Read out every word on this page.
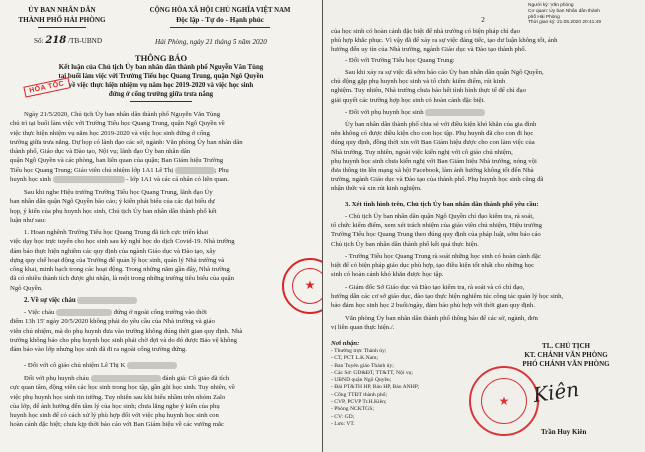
ỦY BAN NHÂN DÂN
THÀNH PHỐ HẢI PHÒNG
CỘNG HÒA XÃ HỘI CHỦ NGHĨA VIỆT NAM
Độc lập - Tự do - Hạnh phúc
Số: 218 /TB-UBND	Hải Phòng, ngày 21 tháng 5 năm 2020
THÔNG BÁO
Kết luận của Chủ tịch Ủy ban nhân dân thành phố Nguyễn Văn Tùng
tại buổi làm việc với Trường Tiểu học Quang Trung, quận Ngô Quyền
về việc thực hiện nhiệm vụ năm học 2019-2020 và việc học sinh
đứng ở cổng trường giữa trưa nắng
HỎA TỐC
Ngày 21/5/2020, Chủ tịch Ủy ban nhân dân thành phố Nguyễn Văn Tùng
chủ trì tại buổi làm việc với Trường Tiểu học Quang Trung, quận Ngô Quyền về
việc thực hiện nhiệm vụ năm học 2019-2020 và việc học sinh đứng ở cổng
trường giữa trưa nắng. Dự họp có lãnh đạo các sở, ngành: Văn phòng Ủy ban nhân dân
thành phố, Giáo dục và Đào tạo, Nội vụ; lãnh đạo Ủy ban nhân dân
quận Ngô Quyền và các phòng, ban liên quan của quận; Ban Giám hiệu Trường
Tiểu học Quang Trung; Giáo viên chủ nhiệm lớp 1A1 Lê Thị	; Phụ
huynh học sinh	- lớp 1A1 và các cá nhân có liên quan.
Sau khi nghe Hiệu trưởng Trường Tiểu học Quang Trung, lãnh đạo Ủy
ban nhân dân quận Ngô Quyền báo cáo; ý kiến phát biểu của các đại biểu dự
họp, ý kiến của phụ huynh học sinh, Chủ tịch Ủy ban nhân dân thành phố kết
luận như sau:
1. Hoan nghênh Trường Tiểu học Quang Trung đã tích cực triển khai
việc dạy học trực tuyến cho học sinh sau kỳ nghỉ học do dịch Covid-19. Nhà trường
đảm bảo thực hiện nghiêm các quy định của ngành Giáo dục và Đào tạo, xây
dựng quy chế hoạt động của Trường để quản lý học sinh, quản lý Nhà trường và
công khai, minh bạch trong các hoạt động. Trong những năm gần đây, Nhà trường
đã có nhiều thành tích được ghi nhận, là một trong những trường tiêu biểu của quận
Ngô Quyền.
2. Về sự việc cháu
- Việc cháu	đứng ở ngoài cổng trường vào thời
điểm 13h 15' ngày 20/5/2020 không phải do yêu cầu của Nhà trường và giáo
viên chủ nhiệm, mà do phụ huynh đưa vào trường không đúng thời gian quy định. Nhà
trường không báo cho phụ huynh học sinh phải chờ đợi và do đó được Bảo vệ không
đảm bảo vào lớp nhưng học sinh đã đi ra ngoài cổng trường đứng.
- Đối với cô giáo chủ nhiệm Lê Thị K
Đối với phụ huynh cháu	đánh giá: Cô giáo đã tích
cực quan tâm, động viên các học sinh trong học tập, gần gũi học sinh. Tuy nhiên, về
việc phụ huynh học sinh tin tưởng. Tuy nhiên sau khi hiểu nhầm trên nhóm Zalo
của lớp, để ảnh hưởng đến tâm lý của học sinh; chưa lắng nghe ý kiến của phụ
huynh học sinh để có cách xử lý phù hợp đối với việc phụ huynh học sinh con
hoàn cảnh đặc biệt; chưa kịp thời báo cáo với Ban Giám hiệu về các vướng mắc
★
Người ký: Văn phòng
Cơ quan: Ủy ban Nhân dân thành
phố Hải Phòng
Thời gian ký: 21.05.2020 20:41:49
2
của học sinh có hoàn cảnh đặc biệt để nhà trường có biện pháp chỉ đạo
phù hợp khắc phục. Vì vậy đã để xảy ra sự việc đáng tiếc, tạo dư luận không tốt, ảnh
hưởng đến uy tín của Nhà trường, ngành Giáo dục và Đào tạo thành phố.
- Đối với Trường Tiểu học Quang Trung:
Sau khi xảy ra sự việc đã sớm báo cáo Ủy ban nhân dân quận Ngô Quyền,
chủ động gặp phụ huynh học sinh và tổ chức kiểm điểm, rút kinh
nghiệm. Tuy nhiên, Nhà trường chưa báo hết tình hình thực tế để chỉ đạo
giải quyết các trường hợp học sinh có hoàn cảnh đặc biệt.
- Đối với phụ huynh học sinh
Ủy ban nhân dân thành phố chia sẻ với điều kiện khó khăn của gia đình
nên không có được điều kiện cho con học tập. Phụ huynh đã cho con đi học
đúng quy định, đồng thời xin với Ban Giám hiệu được cho con làm việc của
Nhà trường. Tuy nhiên, ngoài việc kiến nghị với cô giáo chủ nhiệm,
phụ huynh học sinh chưa kiến nghị với Ban Giám hiệu Nhà trường, nóng vội
đưa thông tin lên mạng xã hội Facebook, làm ảnh hưởng không tốt đến Nhà
trường, ngành Giáo dục và Đào tạo của thành phố. Phụ huynh học sinh cũng đã
nhận thức và xin rút kinh nghiệm.
3. Xét tình hình trên, Chủ tịch Ủy ban nhân dân thành phố yêu cầu:
- Chủ tịch Ủy ban nhân dân quận Ngô Quyền chỉ đạo kiểm tra, rà soát,
tổ chức kiểm điểm, xem xét trách nhiệm của giáo viên chủ nhiệm, Hiệu trưởng
Trường Tiểu học Quang Trung theo đúng quy định của pháp luật, sớm báo cáo
Chủ tịch Ủy ban nhân dân thành phố kết quả thực hiện.
- Trường Tiểu học Quang Trung rà soát những học sinh có hoàn cảnh đặc
biệt để có biện pháp giáo dục phù hợp, tạo điều kiện tốt nhất cho những học
sinh có hoàn cảnh khó khăn được học tập.
- Giám đốc Sở Giáo dục và Đào tạo kiểm tra, rà soát và có chỉ đạo,
hướng dẫn các cơ sở giáo dục, đào tạo thực hiện nghiêm túc công tác quản lý học sinh,
bảo đảm học sinh học 2 buổi/ngày, đảm bảo phù hợp với thời gian quy định.
Văn phòng Ủy ban nhân dân thành phố thông báo để các sở, ngành, đơn
vị liên quan thực hiện./.
Nơi nhận:
- Thường trực Thành ủy;
- CT, PCT L.K.Nam;
- Ban Tuyên giáo Thành ủy;
- Các Sở: GD&ĐT, TT&TT, Nội vụ;
- UBND quận Ngô Quyền;
- Đài PT&TH HP, Báo HP, Báo ANHP;
- Cổng TTĐT thành phố;
- CVP, PCVP Tr.H.Kiên;
- Phòng NCKTGS;
- CV: GD;
- Lưu: VT.
TL. CHỦ TỊCH
KT. CHÁNH VĂN PHÒNG
PHÓ CHÁNH VĂN PHÒNG
★ Kiên
Trần Huy Kiên
